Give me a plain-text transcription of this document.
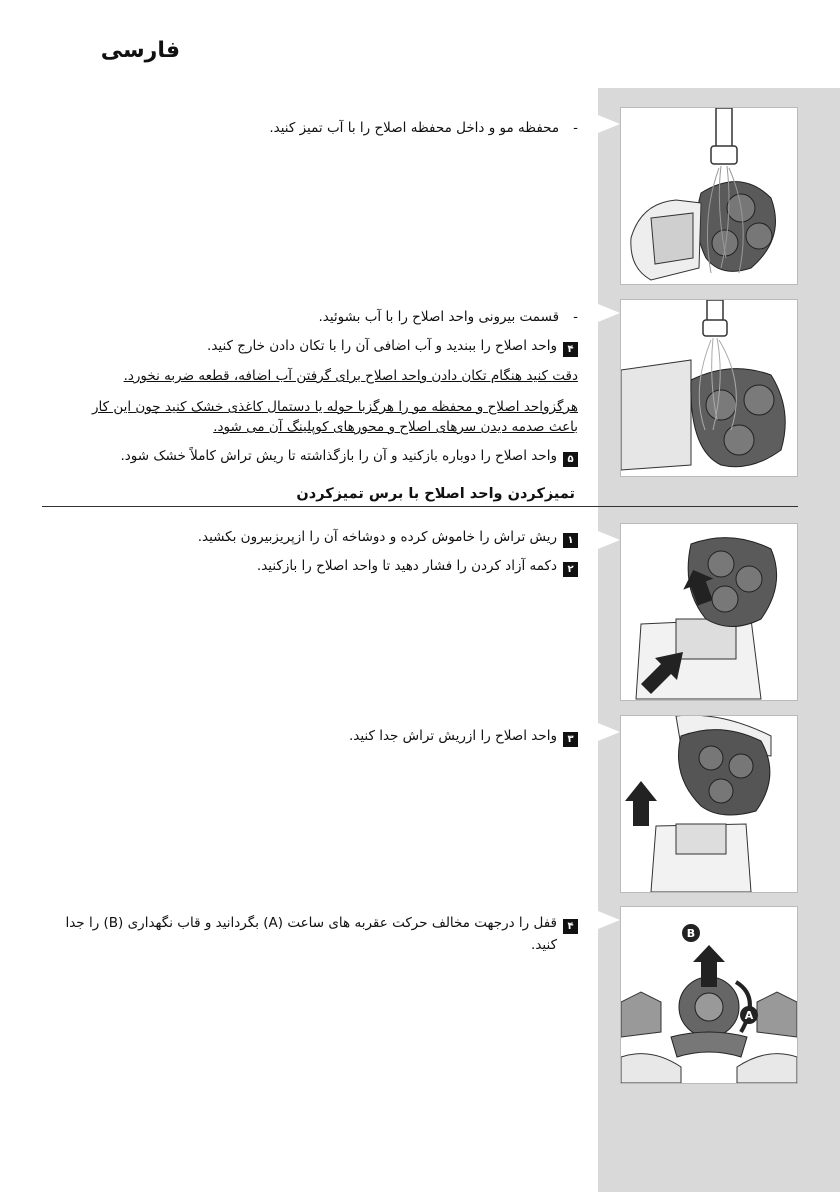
فارسی
-محفظه مو و داخل محفظه اصلاح را با آب تمیز کنید.
-قسمت بیرونی واحد اصلاح را با آب بشوئید.
۴واحد اصلاح را ببندید و آب اضافی آن را با تکان دادن خارج کنید.
دقت کنید هنگام تکان دادن واحد اصلاح برای گرفتن آب اضافه، قطعه ضربه نخورد.
هرگزواحد اصلاح و محفظه مو را هرگزبا حوله یا دستمال کاغذی خشک کنید چون این کار
باعث صدمه دیدن سرهای اصلاح و محورهای کوپلینگ آن می شود.
۵واحد اصلاح را دوباره بازکنید و آن را بازگذاشته تا ریش تراش کاملاً خشک شود.
تمیزکردن واحد اصلاح با برس تمیزکردن
۱ریش تراش را خاموش کرده و دوشاخه آن را ازپریزبیرون بکشید.
۲دکمه آزاد کردن را فشار دهید تا واحد اصلاح را بازکنید.
۳واحد اصلاح را ازریش تراش جدا کنید.
۴قفل را درجهت مخالف حرکت عقربه های ساعت (A) بگردانید و قاب نگهداری (B) را جدا
کنید.
B
A
